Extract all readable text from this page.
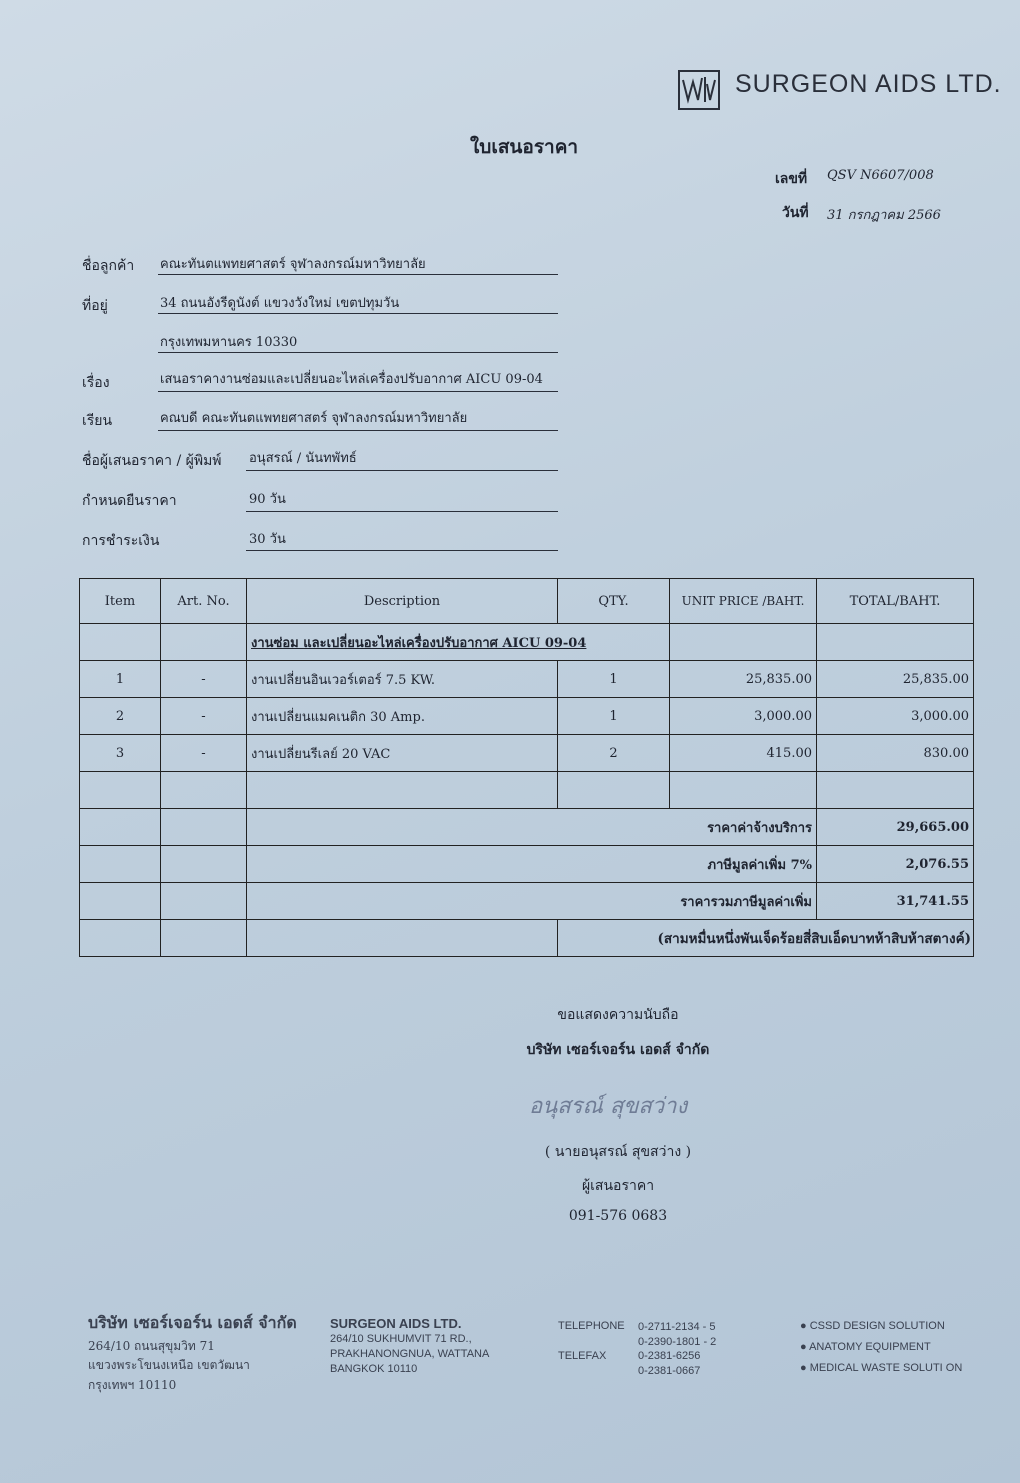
SURGEON AIDS LTD.
ใบเสนอราคา
เลขที่ QSV N6607/008
วันที่ 31 กรกฎาคม 2566
ชื่อลูกค้า คณะทันตแพทยศาสตร์ จุฬาลงกรณ์มหาวิทยาลัย
ที่อยู่	34 ถนนอังรีดูนังต์ แขวงวังใหม่ เขตปทุมวัน
กรุงเทพมหานคร 10330
เรื่อง	เสนอราคางานซ่อมและเปลี่ยนอะไหล่เครื่องปรับอากาศ AICU 09-04
เรียน	คณบดี คณะทันตแพทยศาสตร์ จุฬาลงกรณ์มหาวิทยาลัย
ชื่อผู้เสนอราคา / ผู้พิมพ์ อนุสรณ์ / นันทพัทธ์
กำหนดยืนราคา	90 วัน
การชำระเงิน	30 วัน
Item	Art. No.	Description	QTY.	UNIT PRICE /BAHT.	TOTAL/BAHT.
		งานซ่อม และเปลี่ยนอะไหล่เครื่องปรับอากาศ AICU 09-04			
1	-	งานเปลี่ยนอินเวอร์เตอร์ 7.5 KW.	1	25,835.00	25,835.00
2	-	งานเปลี่ยนแมคเนติก 30 Amp.	1	3,000.00	3,000.00
3	-	งานเปลี่ยนรีเลย์ 20 VAC	2	415.00	830.00

		ราคาค่าจ้างบริการ			29,665.00
		ภาษีมูลค่าเพิ่ม 7%			2,076.55
		ราคารวมภาษีมูลค่าเพิ่ม			31,741.55
			(สามหมื่นหนึ่งพันเจ็ดร้อยสี่สิบเอ็ดบาทห้าสิบห้าสตางค์)		
ขอแสดงความนับถือ
บริษัท เซอร์เจอร์น เอดส์ จำกัด
อนุสรณ์ สุขสว่าง
( นายอนุสรณ์ สุขสว่าง )
ผู้เสนอราคา
091-576 0683
บริษัท เซอร์เจอร์น เอดส์ จำกัด
264/10 ถนนสุขุมวิท 71
แขวงพระโขนงเหนือ เขตวัฒนา
กรุงเทพฯ 10110
SURGEON AIDS LTD.
264/10 SUKHUMVIT 71 RD.,
PRAKHANONGNUA, WATTANA
BANGKOK 10110
TELEPHONE 0-2711-2134 - 5
0-2390-1801 - 2
TELEFAX	0-2381-6256
0-2381-0667
● CSSD DESIGN SOLUTION
● ANATOMY EQUIPMENT
● MEDICAL WASTE SOLUTI ON
